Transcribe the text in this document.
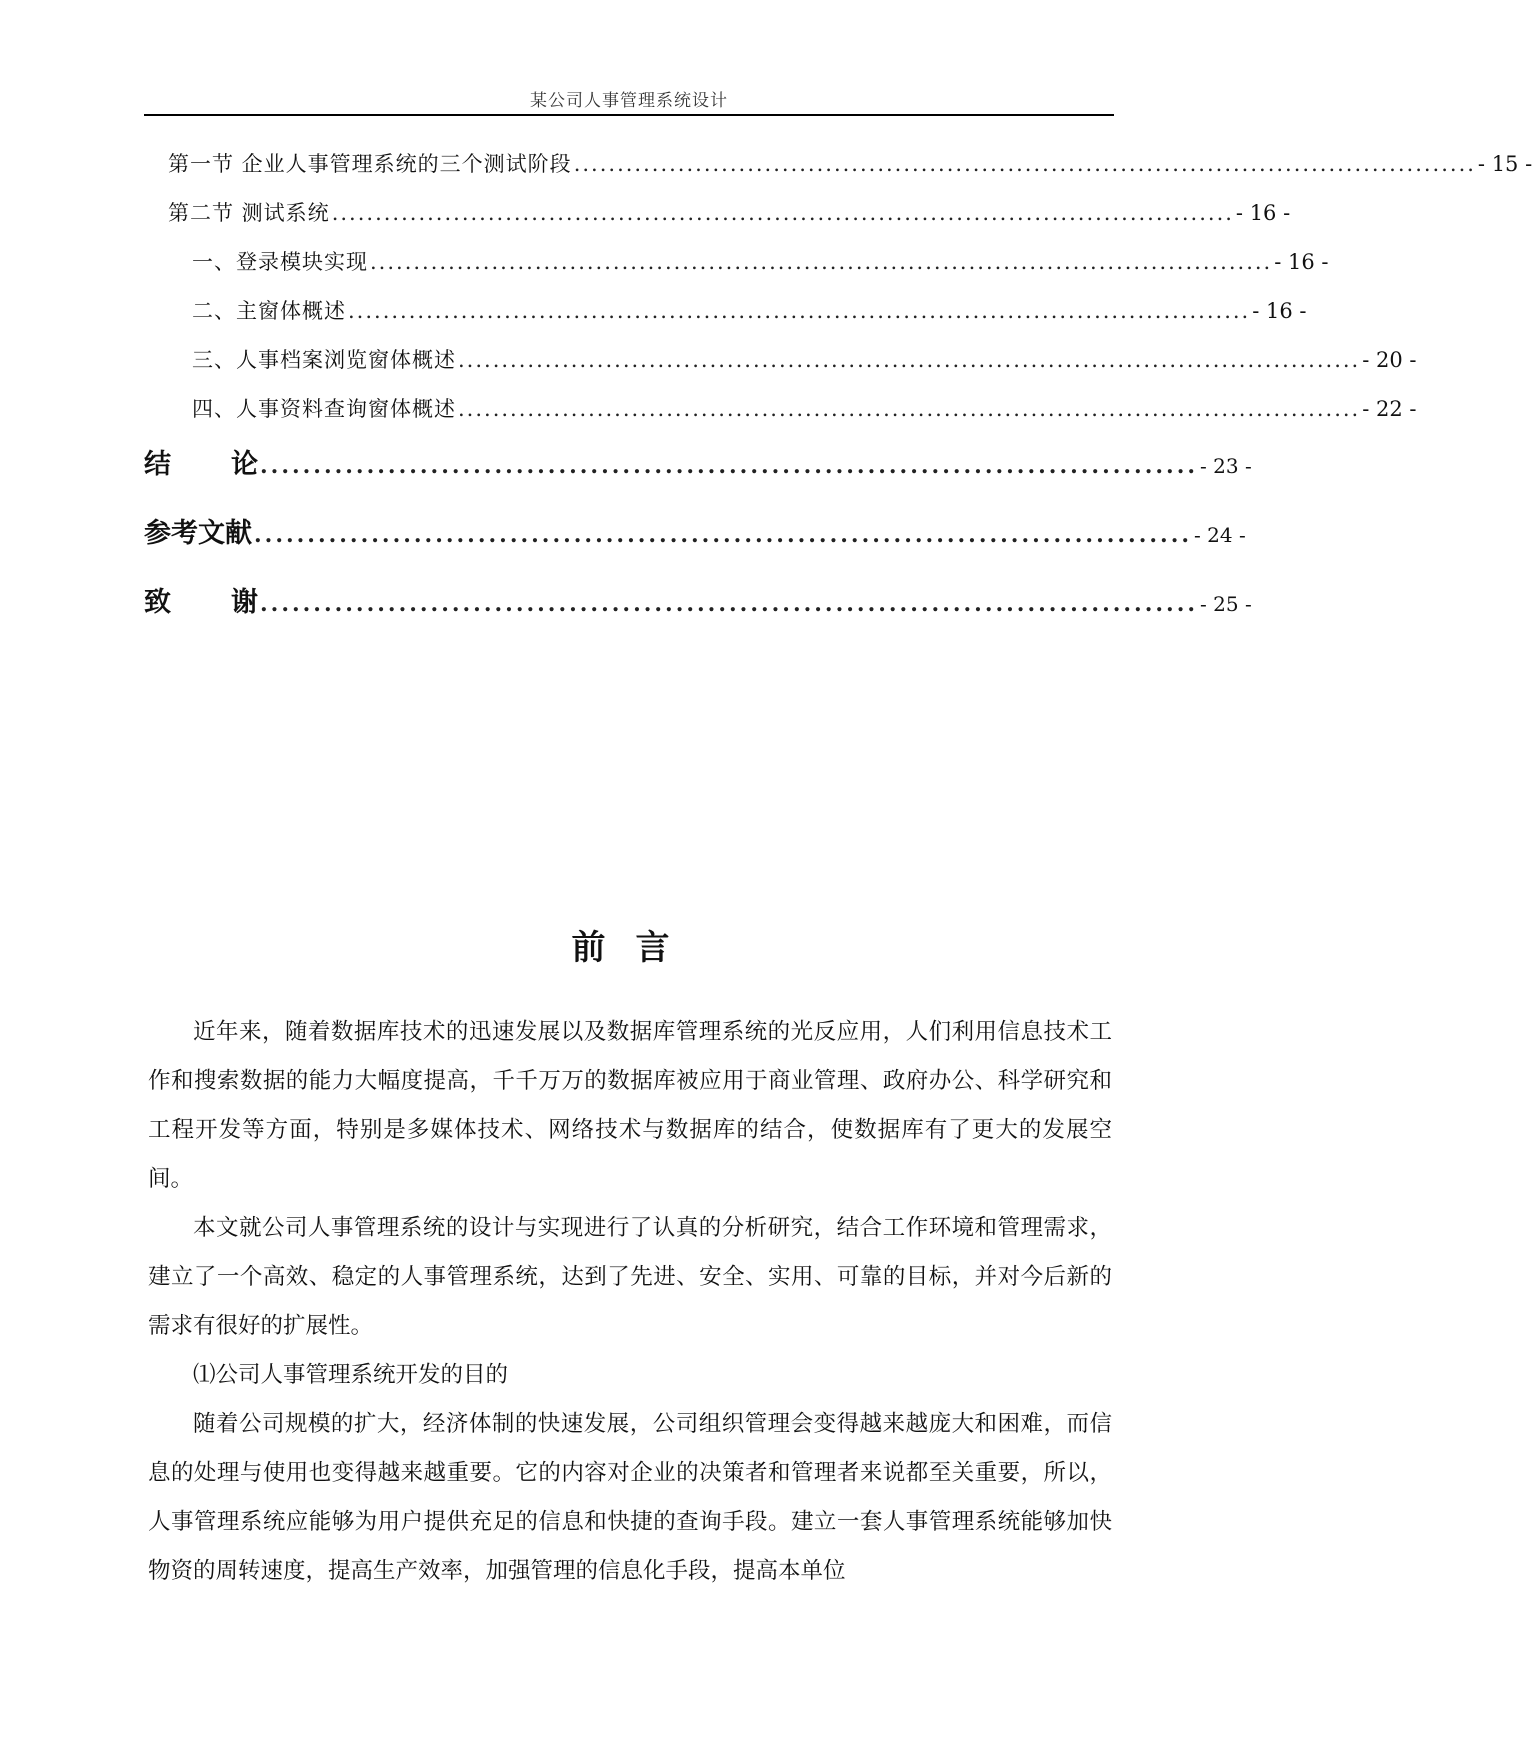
某公司人事管理系统设计
第一节 企业人事管理系统的三个测试阶段 ........................................................................................................ - 15 -
第二节 测试系统 ........................................................................................................ - 16 -
一、登录模块实现 ........................................................................................................ - 16 -
二、主窗体概述 ........................................................................................................ - 16 -
三、人事档案浏览窗体概述 ........................................................................................................ - 20 -
四、人事资料查询窗体概述 ........................................................................................................ - 22 -
结 论 ........................................................................................ - 23 -
参考文献 ........................................................................................ - 24 -
致 谢 ........................................................................................ - 25 -
前言

近年来，随着数据库技术的迅速发展以及数据库管理系统的光反应用，人们利用信息技术工作和搜索数据的能力大幅度提高，千千万万的数据库被应用于商业管理、政府办公、科学研究和工程开发等方面，特别是多媒体技术、网络技术与数据库的结合，使数据库有了更大的发展空间。

本文就公司人事管理系统的设计与实现进行了认真的分析研究，结合工作环境和管理需求，建立了一个高效、稳定的人事管理系统，达到了先进、安全、实用、可靠的目标，并对今后新的需求有很好的扩展性。

⑴公司人事管理系统开发的目的

随着公司规模的扩大，经济体制的快速发展，公司组织管理会变得越来越庞大和困难，而信息的处理与使用也变得越来越重要。它的内容对企业的决策者和管理者来说都至关重要，所以，人事管理系统应能够为用户提供充足的信息和快捷的查询手段。建立一套人事管理系统能够加快物资的周转速度，提高生产效率，加强管理的信息化手段，提高本单位
